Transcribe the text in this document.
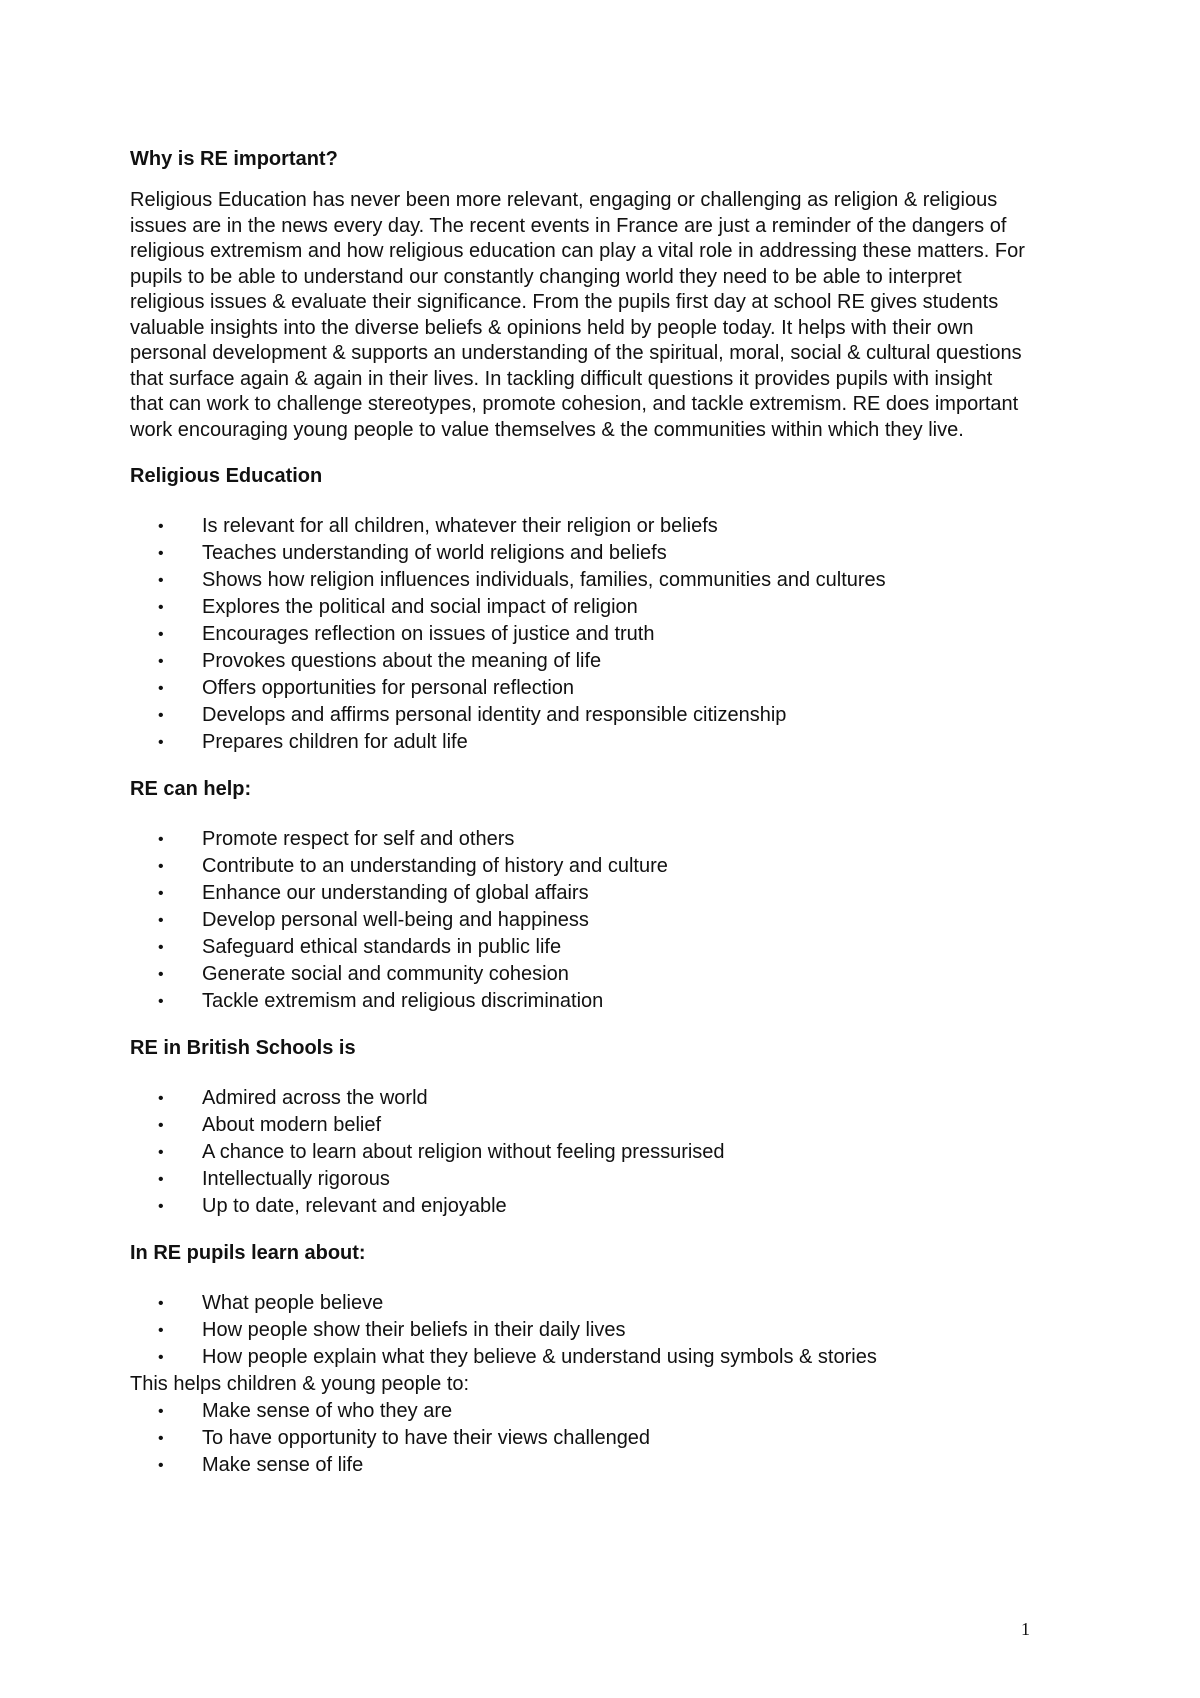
Why is RE important?

Religious Education has never been more relevant, engaging or challenging as religion & religious issues are in the news every day. The recent events in France are just a reminder of the dangers of religious extremism and how religious education can play a vital role in addressing these matters. For pupils to be able to understand our constantly changing world they need to be able to interpret religious issues & evaluate their significance. From the pupils first day at school RE gives students valuable insights into the diverse beliefs & opinions held by people today. It helps with their own personal development & supports an understanding of the spiritual, moral, social & cultural questions that surface again & again in their lives. In tackling difficult questions it provides pupils with insight that can work to challenge stereotypes, promote cohesion, and tackle extremism. RE does important work encouraging young people to value themselves & the communities within which they live.

Religious Education

•	Is relevant for all children, whatever their religion or beliefs
•	Teaches understanding of world religions and beliefs
•	Shows how religion influences individuals, families, communities and cultures
•	Explores the political and social impact of religion
•	Encourages reflection on issues of justice and truth
•	Provokes questions about the meaning of life
•	Offers opportunities for personal reflection
•	Develops and affirms personal identity and responsible citizenship
•	Prepares children for adult life

RE can help:

•	Promote respect for self and others
•	Contribute to an understanding of history and culture
•	Enhance our understanding of global affairs
•	Develop personal well-being and happiness
•	Safeguard ethical standards in public life
•	Generate social and community cohesion
•	Tackle extremism and religious discrimination

RE in British Schools is

•	Admired across the world
•	About modern belief
•	A chance to learn about religion without feeling pressurised
•	Intellectually rigorous
•	Up to date, relevant and enjoyable

In RE pupils learn about:

•	What people believe
•	How people show their beliefs in their daily lives
•	How people explain what they believe & understand using symbols & stories

This helps children & young people to:

•	Make sense of who they are
•	To have opportunity to have their views challenged
•	Make sense of life
1
